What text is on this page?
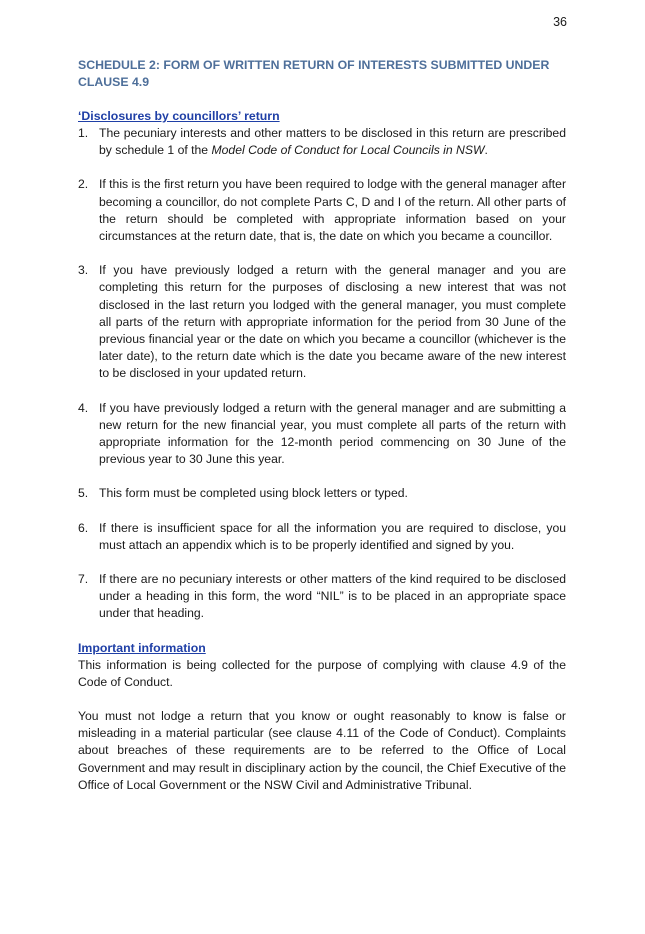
36
SCHEDULE 2: FORM OF WRITTEN RETURN OF INTERESTS SUBMITTED UNDER CLAUSE 4.9
‘Disclosures by councillors’ return
1. The pecuniary interests and other matters to be disclosed in this return are prescribed by schedule 1 of the Model Code of Conduct for Local Councils in NSW.
2. If this is the first return you have been required to lodge with the general manager after becoming a councillor, do not complete Parts C, D and I of the return. All other parts of the return should be completed with appropriate information based on your circumstances at the return date, that is, the date on which you became a councillor.
3. If you have previously lodged a return with the general manager and you are completing this return for the purposes of disclosing a new interest that was not disclosed in the last return you lodged with the general manager, you must complete all parts of the return with appropriate information for the period from 30 June of the previous financial year or the date on which you became a councillor (whichever is the later date), to the return date which is the date you became aware of the new interest to be disclosed in your updated return.
4. If you have previously lodged a return with the general manager and are submitting a new return for the new financial year, you must complete all parts of the return with appropriate information for the 12-month period commencing on 30 June of the previous year to 30 June this year.
5. This form must be completed using block letters or typed.
6. If there is insufficient space for all the information you are required to disclose, you must attach an appendix which is to be properly identified and signed by you.
7. If there are no pecuniary interests or other matters of the kind required to be disclosed under a heading in this form, the word “NIL” is to be placed in an appropriate space under that heading.
Important information

This information is being collected for the purpose of complying with clause 4.9 of the Code of Conduct.

You must not lodge a return that you know or ought reasonably to know is false or misleading in a material particular (see clause 4.11 of the Code of Conduct). Complaints about breaches of these requirements are to be referred to the Office of Local Government and may result in disciplinary action by the council, the Chief Executive of the Office of Local Government or the NSW Civil and Administrative Tribunal.
